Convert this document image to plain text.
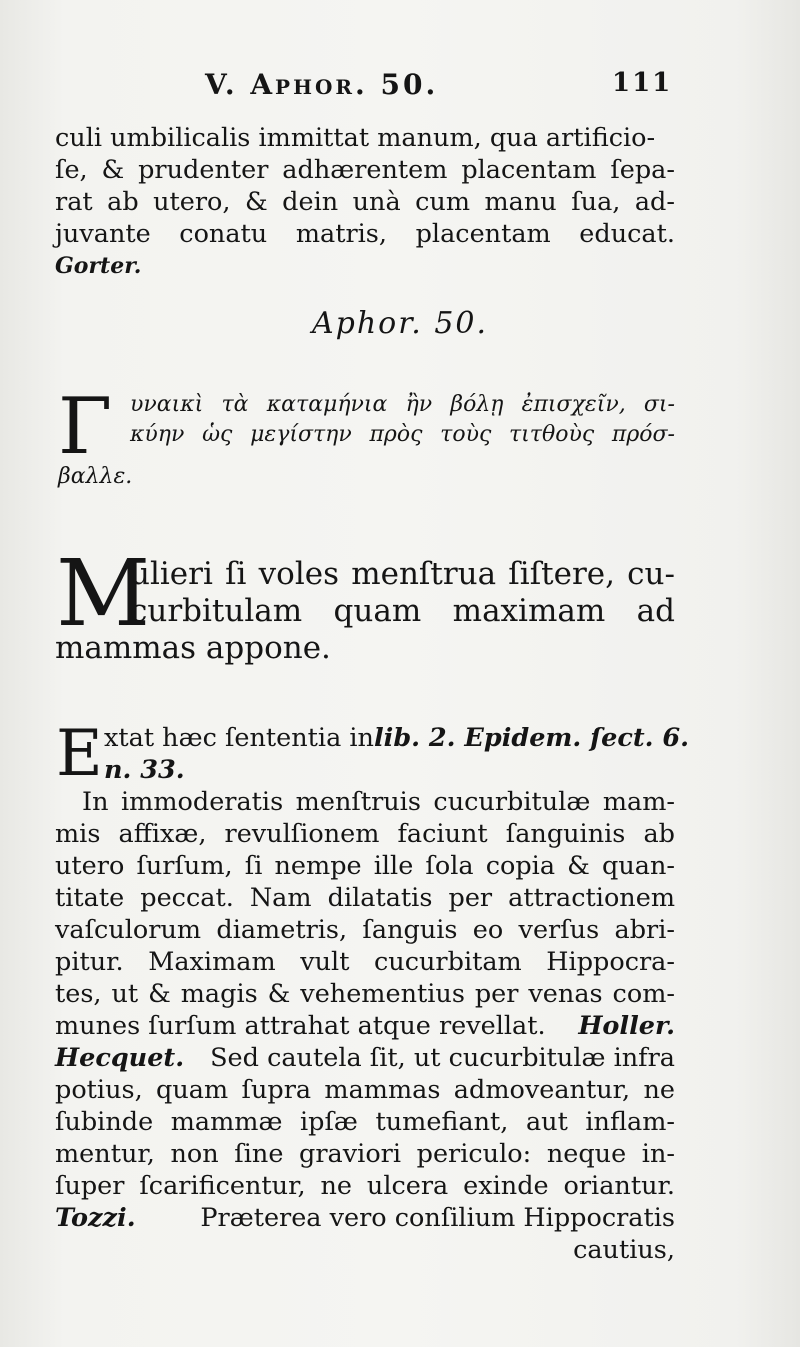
V. Aphor. 50.	111
culi umbilicalis immittat manum, qua artificio-
ſe, & prudenter adhærentem placentam ſepa-
rat ab utero, & dein unà cum manu ſua, ad-
juvante conatu matris, placentam educat.
Gorter.
Aphor. 50.
Γ υναικὶ τὰ καταμήνια ἢν βόλῃ ἐπισχεῖν, σι-
κύην ὡς μεγίστην πρὸς τοὺς τιτθοὺς πρόσ-
βαλλε.
M
ulieri ſi voles menſtrua ſiſtere, cu-
curbitulam quam maximam ad
mammas appone.
E xtat hæc ſententia in lib. 2. Epidem. ſect. 6.
n. 33.
In immoderatis menſtruis cucurbitulæ mam-
mis affixæ, revulſionem faciunt ſanguinis ab
utero ſurſum, ſi nempe ille ſola copia & quan-
titate peccat. Nam dilatatis per attractionem
vaſculorum diametris, ſanguis eo verſus abri-
pitur. Maximam vult cucurbitam Hippocra-
tes, ut & magis & vehementius per venas com-
munes ſurſum attrahat atque revellat. Holler.
Hecquet. Sed cautela ſit, ut cucurbitulæ infra
potius, quam ſupra mammas admoveantur, ne
ſubinde mammæ ipſæ tumefiant, aut inflam-
mentur, non ſine graviori periculo: neque in-
ſuper ſcarificentur, ne ulcera exinde oriantur.
Tozzi.	Præterea vero conſilium Hippocratis
cautius,
